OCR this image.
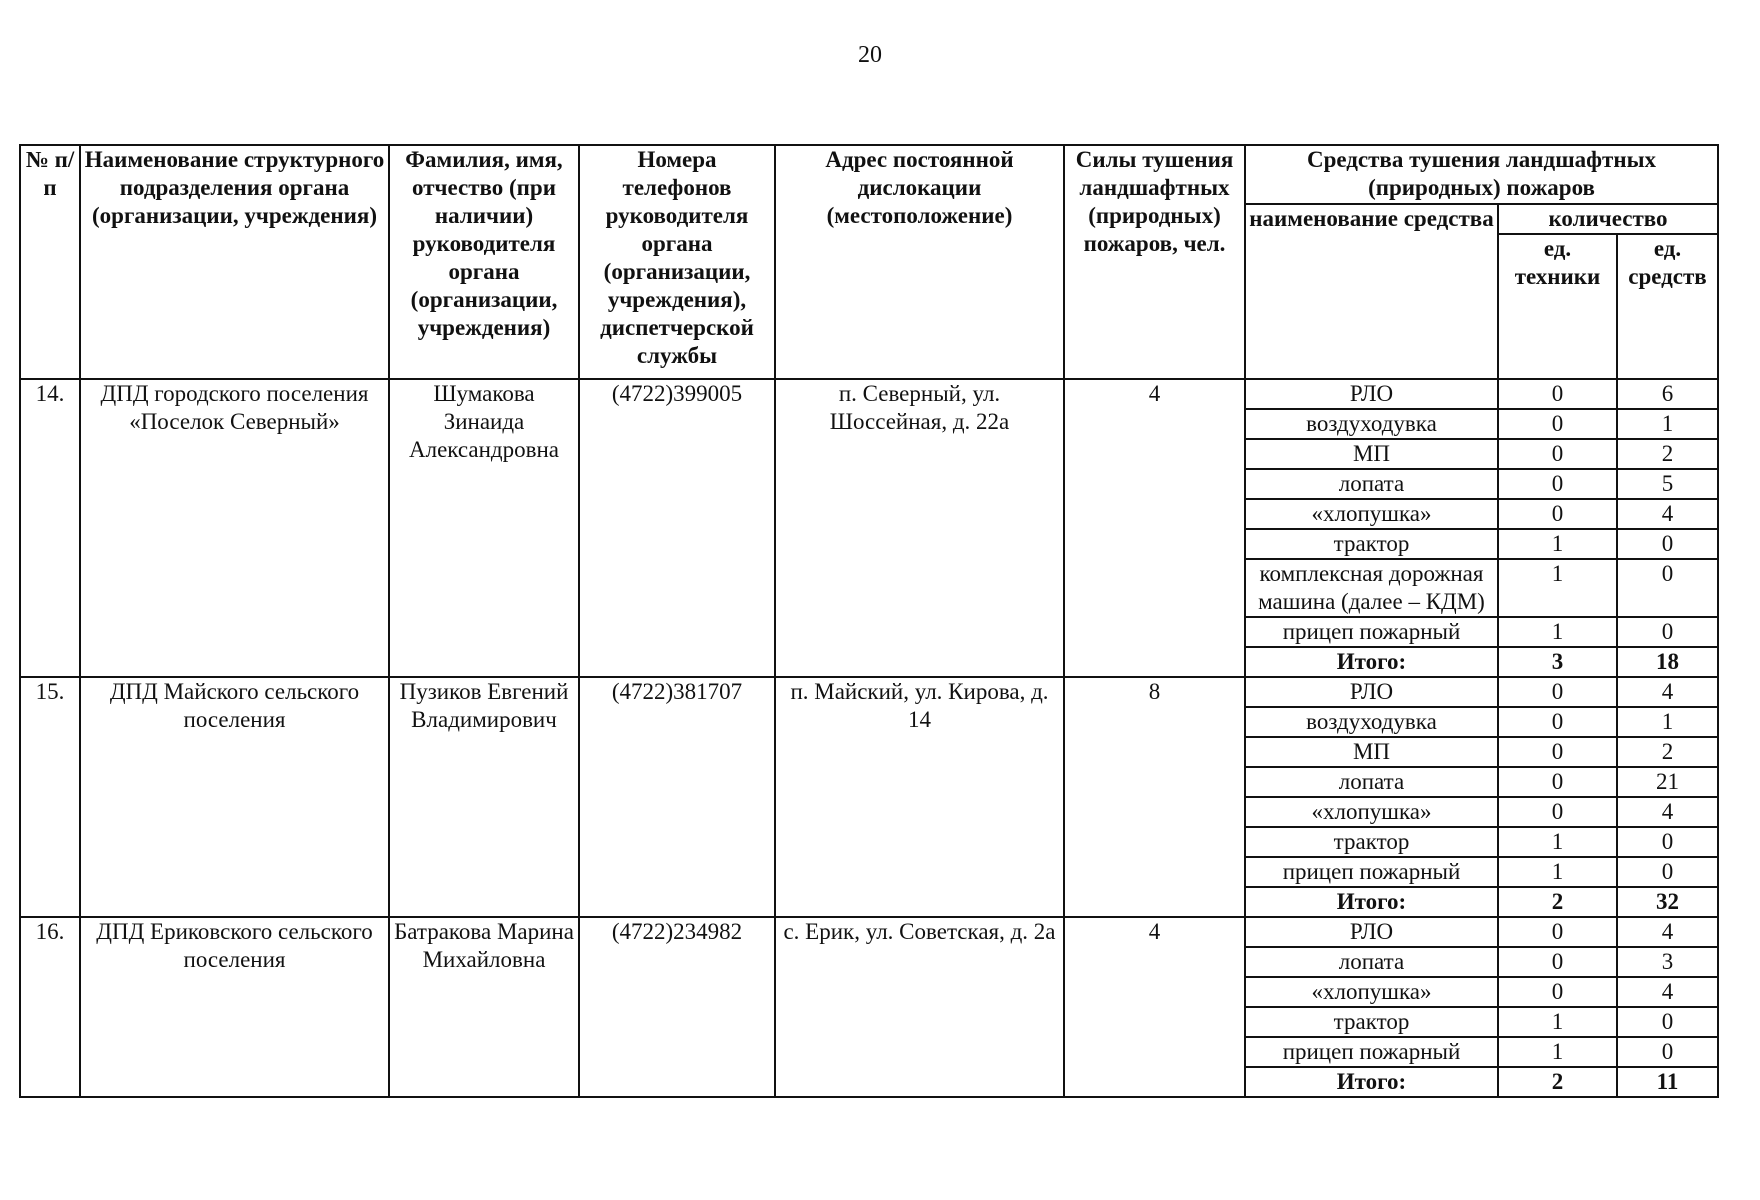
20
№ п/п	Наименование структурного подразделения органа (организации, учреждения)	Фамилия, имя, отчество (при наличии) руководителя органа (организации, учреждения)	Номера телефонов руководителя органа (организации, учреждения), диспетчерской службы	Адрес постоянной дислокации (местоположение)	Силы тушения ландшафтных (природных) пожаров, чел.	Средства тушения ландшафтных (природных) пожаров		
						наименование средства	количество	
							ед. техники	ед. средств
14.	ДПД городского поселения «Поселок Северный»	Шумакова Зинаида Александровна	(4722)399005	п. Северный, ул. Шоссейная, д. 22а	4	РЛО	0	6
						воздуходувка	0	1
						МП	0	2
						лопата	0	5
						«хлопушка»	0	4
						трактор	1	0
						комплексная дорожная машина (далее – КДМ)	1	0
						прицеп пожарный	1	0
						Итого:	3	18
15.	ДПД Майского сельского поселения	Пузиков Евгений Владимирович	(4722)381707	п. Майский, ул. Кирова, д. 14	8	РЛО	0	4
						воздуходувка	0	1
						МП	0	2
						лопата	0	21
						«хлопушка»	0	4
						трактор	1	0
						прицеп пожарный	1	0
						Итого:	2	32
16.	ДПД Ериковского сельского поселения	Батракова Марина Михайловна	(4722)234982	с. Ерик, ул. Советская, д. 2а	4	РЛО	0	4
						лопата	0	3
						«хлопушка»	0	4
						трактор	1	0
						прицеп пожарный	1	0
						Итого:	2	11
